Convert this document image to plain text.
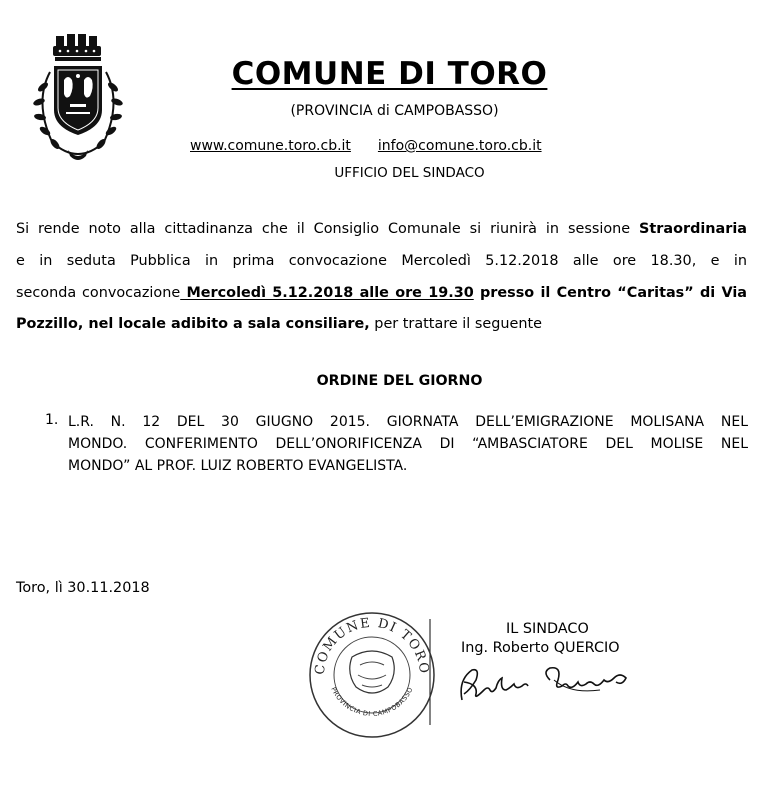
COMUNE DI TORO
(PROVINCIA di CAMPOBASSO)
www.comune.toro.cb.it info@comune.toro.cb.it
UFFICIO DEL SINDACO
Si rende noto alla cittadinanza che il Consiglio Comunale si riunirà in sessione Straordinaria
e in seduta Pubblica in prima convocazione Mercoledì 5.12.2018 alle ore 18.30, e in
seconda convocazione Mercoledì 5.12.2018 alle ore 19.30 presso il Centro “Caritas” di Via
Pozzillo, nel locale adibito a sala consiliare, per trattare il seguente
ORDINE DEL GIORNO
1. L.R. N. 12 DEL 30 GIUGNO 2015. GIORNATA DELL’EMIGRAZIONE MOLISANA NEL
MONDO. CONFERIMENTO DELL’ONORIFICENZA DI “AMBASCIATORE DEL MOLISE NEL
MONDO” AL PROF. LUIZ ROBERTO EVANGELISTA.
Toro, lì 30.11.2018
COMUNE DI TORO
PROVINCIA DI CAMPOBASSO
IL SINDACO
Ing. Roberto QUERCIO
